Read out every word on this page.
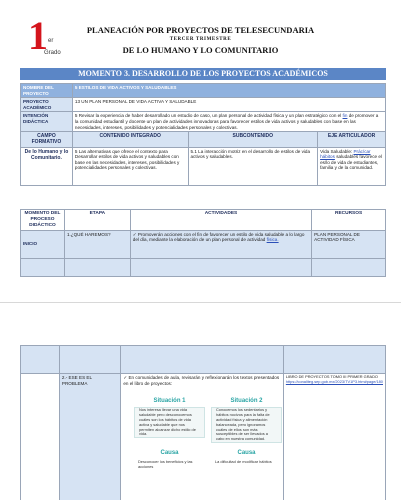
1 er
Grado
PLANEACIÓN POR PROYECTOS DE TELESECUNDARIA
TERCER TRIMESTRE
DE LO HUMANO Y LO COMUNITARIO
MOMENTO 3. DESARROLLO DE LOS PROYECTOS ACADÉMICOS
NOMBRE DEL PROYECTO	5 ESTILOS DE VIDA ACTIVOS Y SALUDABLES		
PROYECTO ACADÉMICO	13 UN PLAN PERSONAL DE VIDA ACTIVA Y SALUDABLE		
INTENCIÓN DIDÁCTICA	5 Revisar la experiencia de haber desarrollado un estudio de caso, un plan personal de actividad física y un plan estratégico con el fin de promover a la comunidad estudiantil y docente un plan de actividades innovadoras para favorecer estilos de vida activos y saludables con base en las necesidades, intereses, posibilidades y potencialidades personales y colectivas.		
CAMPO FORMATIVO	CONTENIDO INTEGRADO	SUBCONTENIDO	EJE ARTICULADOR
De lo Humano y lo Comunitario.	5 Las alternativas que ofrece el contexto para Desarrollar estilos de vida activos y saludables con base en las necesidades, intereses, posibilidades y potencialidades personales y colectivas.	5.1 La interacción motriz en el desarrollo de estilos de vida activos y saludables.	Vida Saludable: Prác/car hábitos saludables favorece el es/lo de vida de estudiantes, familia y de la comunidad.
MOMENTO DEL PROCESO DIDÁCTICO	ETAPA	ACTIVIDADES	RECURSOS
INICIO	1.¿QUÉ HAREMOS?	✓ Promoverán acciones con el fin de favorecer un estilo de vida saludable a lo largo del día, mediante la elaboración de un plan personal de actividad física.	PLAN PERSONAL DE ACTIVIDAD FÍSICA

	2.- ESE ES EL PROBLEMA	✓ En comunidades de aula, revisarán y reflexionarán los textos presentados en el libro de proyectos:	LIBRO DE PROYECTOS TOMO III PRIMER GRADO
https://conaliteg.sep.gob.mx/2023/TV1P3.htm#page/180
Situación 1
Nos interesa llevar una vida saludable pero desconocemos cuáles son los hábitos de vida activa y saludable que nos permiten alcanzar dicho estilo de vida.
Situación 2
Conocemos los sedentarios y hábitos nocivos para la falta de actividad física y alimentación balanceada, pero ignoramos cuáles de ellos son más susceptibles de ser llevados a cabo en nuestra comunidad.
Causa	Causa
Desconocer los beneficios y las acciones
La dificultad de modificar hábitos
